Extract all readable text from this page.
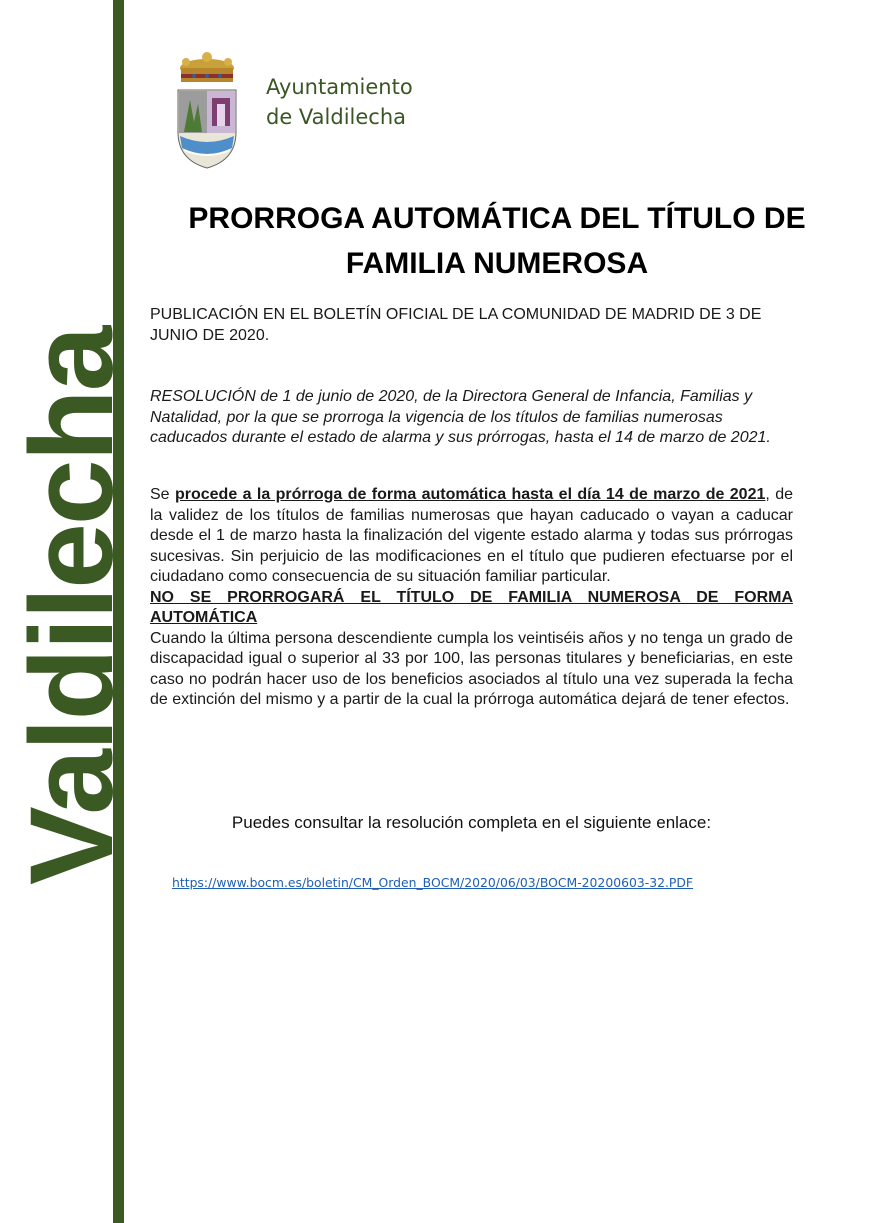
Valdilecha
Ayuntamiento
de Valdilecha
PRORROGA AUTOMÁTICA DEL TÍTULO DE
FAMILIA NUMEROSA
PUBLICACIÓN EN EL BOLETÍN OFICIAL DE LA COMUNIDAD DE MADRID DE 3 DE JUNIO DE 2020.
RESOLUCIÓN de 1 de junio de 2020, de la Directora General de Infancia, Familias y Natalidad, por la que se prorroga la vigencia de los títulos de familias numerosas caducados durante el estado de alarma y sus prórrogas, hasta el 14 de marzo de 2021.
Se procede a la prórroga de forma automática hasta el día 14 de marzo de 2021, de la validez de los títulos de familias numerosas que hayan caducado o vayan a caducar desde el 1 de marzo hasta la finalización del vigente estado alarma y todas sus prórrogas sucesivas. Sin perjuicio de las modificaciones en el título que pudieren efectuarse por el ciudadano como consecuencia de su situación familiar particular.
NO SE PRORROGARÁ EL TÍTULO DE FAMILIA NUMEROSA DE FORMA AUTOMÁTICA
Cuando la última persona descendiente cumpla los veintiséis años y no tenga un grado de discapacidad igual o superior al 33 por 100, las personas titulares y beneficiarias, en este caso no podrán hacer uso de los beneficios asociados al título una vez superada la fecha de extinción del mismo y a partir de la cual la prórroga automática dejará de tener efectos.
Puedes consultar la resolución completa en el siguiente enlace:
https://www.bocm.es/boletin/CM_Orden_BOCM/2020/06/03/BOCM-20200603-32.PDF
